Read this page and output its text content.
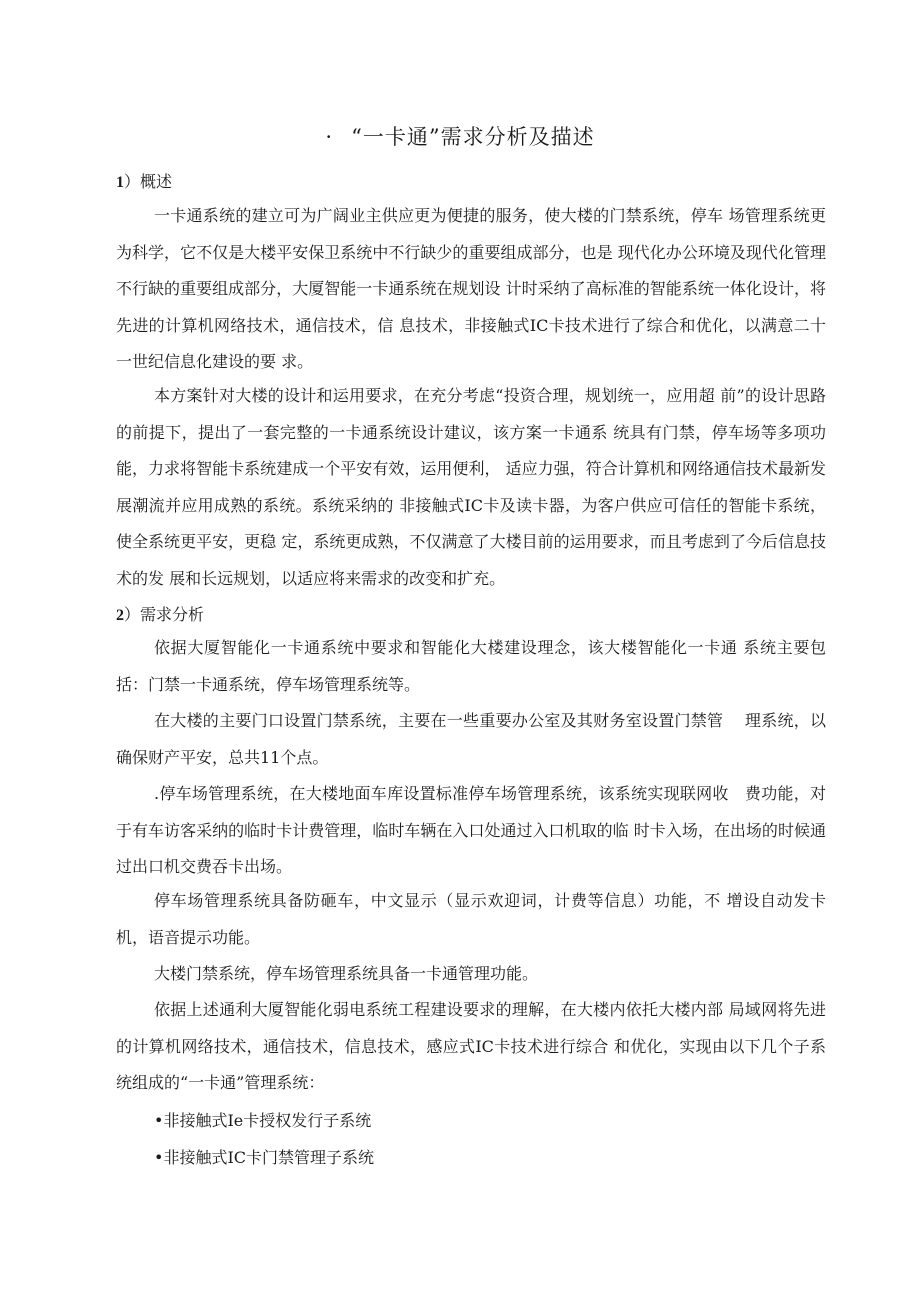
· “一卡通”需求分析及描述
1）概述

一卡通系统的建立可为广阔业主供应更为便捷的服务，使大楼的门禁系统，停车 场管理系统更为科学，它不仅是大楼平安保卫系统中不行缺少的重要组成部分，也是 现代化办公环境及现代化管理不行缺的重要组成部分，大厦智能一卡通系统在规划设 计时采纳了高标准的智能系统一体化设计，将先进的计算机网络技术，通信技术，信 息技术，非接触式IC卡技术进行了综合和优化，以满意二十一世纪信息化建设的要 求。

本方案针对大楼的设计和运用要求，在充分考虑“投资合理，规划统一，应用超 前”的设计思路的前提下，提出了一套完整的一卡通系统设计建议，该方案一卡通系 统具有门禁，停车场等多项功能，力求将智能卡系统建成一个平安有效，运用便利， 适应力强，符合计算机和网络通信技术最新发展潮流并应用成熟的系统。系统采纳的 非接触式IC卡及读卡器，为客户供应可信任的智能卡系统，使全系统更平安，更稳 定，系统更成熟，不仅满意了大楼目前的运用要求，而且考虑到了今后信息技术的发 展和长远规划，以适应将来需求的改变和扩充。

2）需求分析

依据大厦智能化一卡通系统中要求和智能化大楼建设理念，该大楼智能化一卡通 系统主要包括：门禁一卡通系统，停车场管理系统等。

在大楼的主要门口设置门禁系统，主要在一些重要办公室及其财务室设置门禁管　 理系统，以确保财产平安，总共11个点。

.停车场管理系统，在大楼地面车库设置标准停车场管理系统，该系统实现联网收　费功能，对于有车访客采纳的临时卡计费管理，临时车辆在入口处通过入口机取的临 时卡入场，在出场的时候通过出口机交费吞卡出场。

停车场管理系统具备防砸车，中文显示（显示欢迎词，计费等信息）功能，不 增设自动发卡机，语音提示功能。

大楼门禁系统，停车场管理系统具备一卡通管理功能。

依据上述通利大厦智能化弱电系统工程建设要求的理解，在大楼内依托大楼内部 局域网将先进的计算机网络技术，通信技术，信息技术，感应式IC卡技术进行综合 和优化，实现由以下几个子系统组成的“一卡通”管理系统：

•非接触式Ie卡授权发行子系统
•非接触式IC卡门禁管理子系统
